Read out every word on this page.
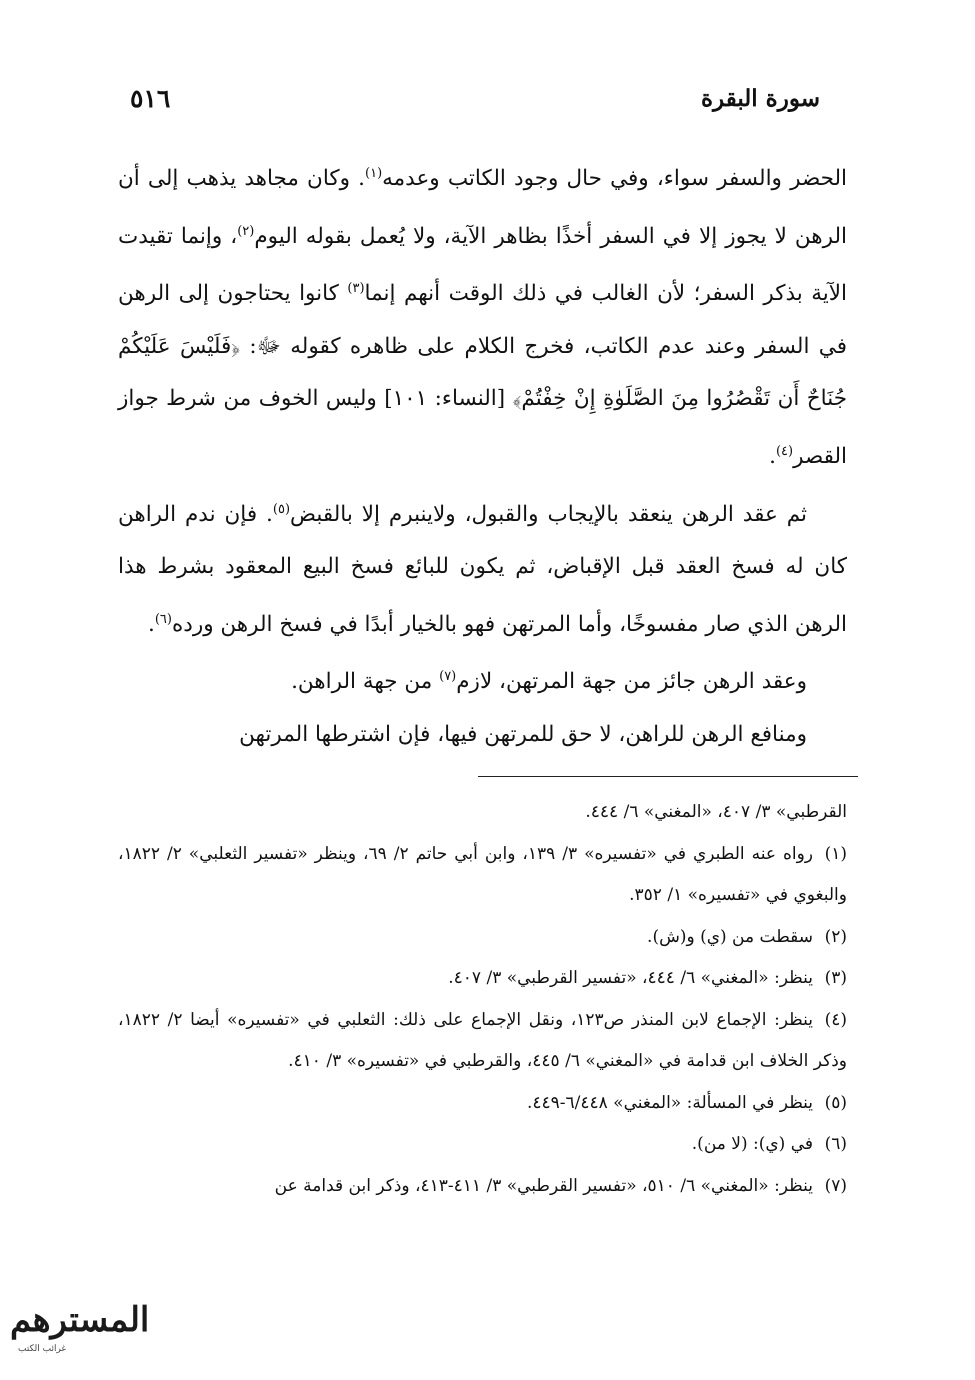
سورة البقرة
٥١٦

الحضر والسفر سواء، وفي حال وجود الكاتب وعدمه$^{(١)}$. وكان مجاهد يذهب إلى أن الرهن لا يجوز إلا في السفر أخذًا بظاهر الآية، ولا يُعمل بقوله اليوم$^{(٢)}$، وإنما تقيدت الآية بذكر السفر؛ لأن الغالب في ذلك الوقت أنهم إنما$^{(٣)}$ كانوا يحتاجون إلى الرهن في السفر وعند عدم الكاتب، فخرج الكلام على ظاهره كقوله ﷻ: ﴿فَلَيْسَ عَلَيْكُمْ جُنَاحٌ أَن تَقْصُرُوا مِنَ الصَّلَوٰةِ إِنْ خِفْتُمْ﴾ [النساء: ١٠١] وليس الخوف من شرط جواز القصر$^{(٤)}$.

ثم عقد الرهن ينعقد بالإيجاب والقبول، ولاينبرم إلا بالقبض$^{(٥)}$. فإن ندم الراهن كان له فسخ العقد قبل الإقباض، ثم يكون للبائع فسخ البيع المعقود بشرط هذا الرهن الذي صار مفسوخًا، وأما المرتهن فهو بالخيار أبدًا في فسخ الرهن ورده$^{(٦)}$.

وعقد الرهن جائز من جهة المرتهن، لازم$^{(٧)}$ من جهة الراهن.

ومنافع الرهن للراهن، لا حق للمرتهن فيها، فإن اشترطها المرتهن

القرطبي» ٣/ ٤٠٧، «المغني» ٦/ ٤٤٤.

(١)رواه عنه الطبري في «تفسيره» ٣/ ١٣٩، وابن أبي حاتم ٢/ ٦٩، وينظر «تفسير الثعلبي» ٢/ ١٨٢٢، والبغوي في «تفسيره» ١/ ٣٥٢.

(٢)سقطت من (ي) و(ش).

(٣)ينظر: «المغني» ٦/ ٤٤٤، «تفسير القرطبي» ٣/ ٤٠٧.

(٤)ينظر: الإجماع لابن المنذر ص١٢٣، ونقل الإجماع على ذلك: الثعلبي في «تفسيره» أيضا ٢/ ١٨٢٢، وذكر الخلاف ابن قدامة في «المغني» ٦/ ٤٤٥، والقرطبي في «تفسيره» ٣/ ٤١٠.

(٥)ينظر في المسألة: «المغني» ٦/٤٤٨-٤٤٩.

(٦)في (ي): (لا من).

(٧)ينظر: «المغني» ٦/ ٥١٠، «تفسير القرطبي» ٣/ ٤١١-٤١٣، وذكر ابن قدامة عن

المسترهم
غرائب الكتب
